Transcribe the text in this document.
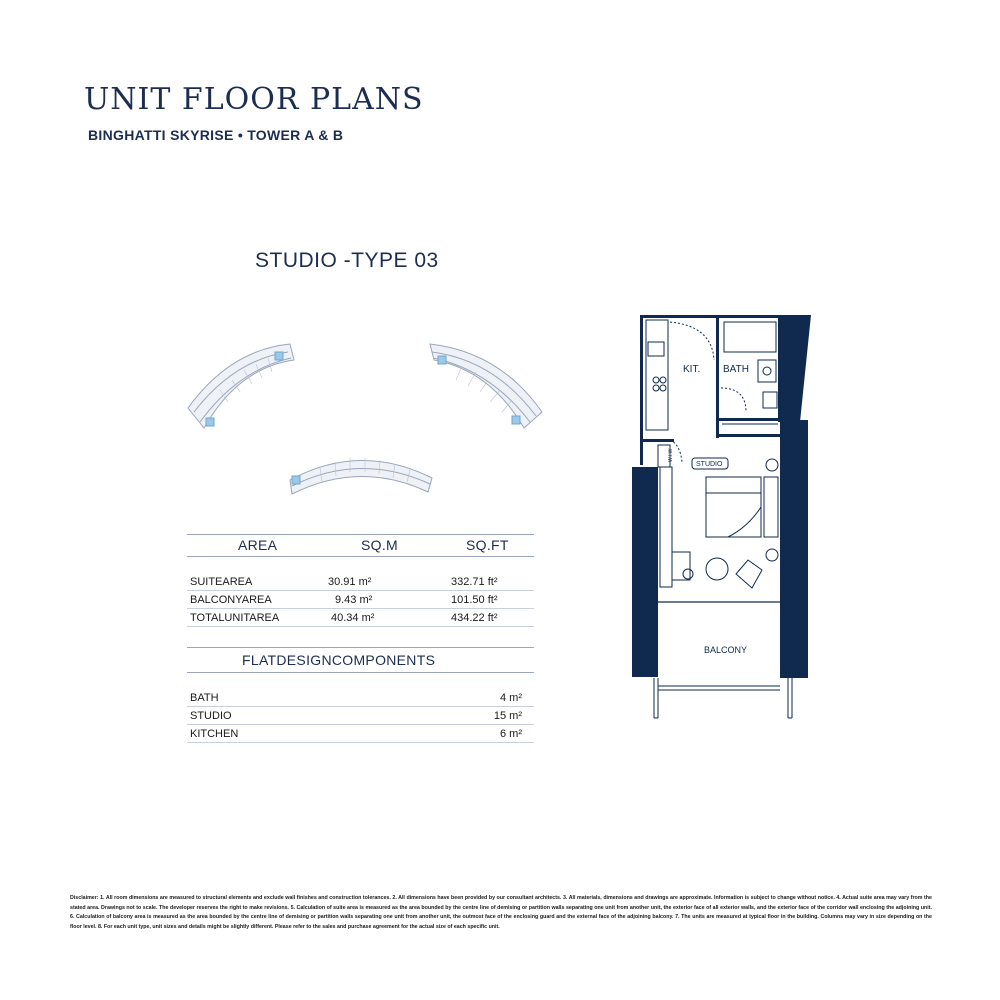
UNIT FLOOR PLANS
BINGHATTI SKYRISE • TOWER A & B
STUDIO -TYPE 03
AREA	SQ.M	SQ.FT
SUITEAREA	30.91 m²	332.71 ft²
BALCONYAREA	9.43 m²	101.50 ft²
TOTALUNITAREA	40.34 m²	434.22 ft²
FLATDESIGNCOMPONENTS
BATH	4 m²
STUDIO	15 m²
KITCHEN	6 m²
KIT. BATH
STUDIO
BALCONY
W.I.W
Disclaimer: 1. All room dimensions are measured to structural elements and exclude wall finishes and construction tolerances. 2. All dimensions have been provided by our consultant architects. 3. All materials, dimensions and drawings are approximate. Information is subject to change without notice. 4. Actual suite area may vary from the stated area. Drawings not to scale. The developer reserves the right to make revisions. 5. Calculation of suite area is measured as the area bounded by the centre line of demising or partition walls separating one unit from another unit, the exterior face of all exterior walls, and the exterior face of the corridor wall enclosing the adjoining unit. 6. Calculation of balcony area is measured as the area bounded by the centre line of demising or partition walls separating one unit from another unit, the outmost face of the enclosing guard and the external face of the adjoining balcony. 7. The units are measured at typical floor in the building. Columns may vary in size depending on the floor level. 8. For each unit type, unit sizes and details might be slightly different. Please refer to the sales and purchase agreement for the actual size of each specific unit.
